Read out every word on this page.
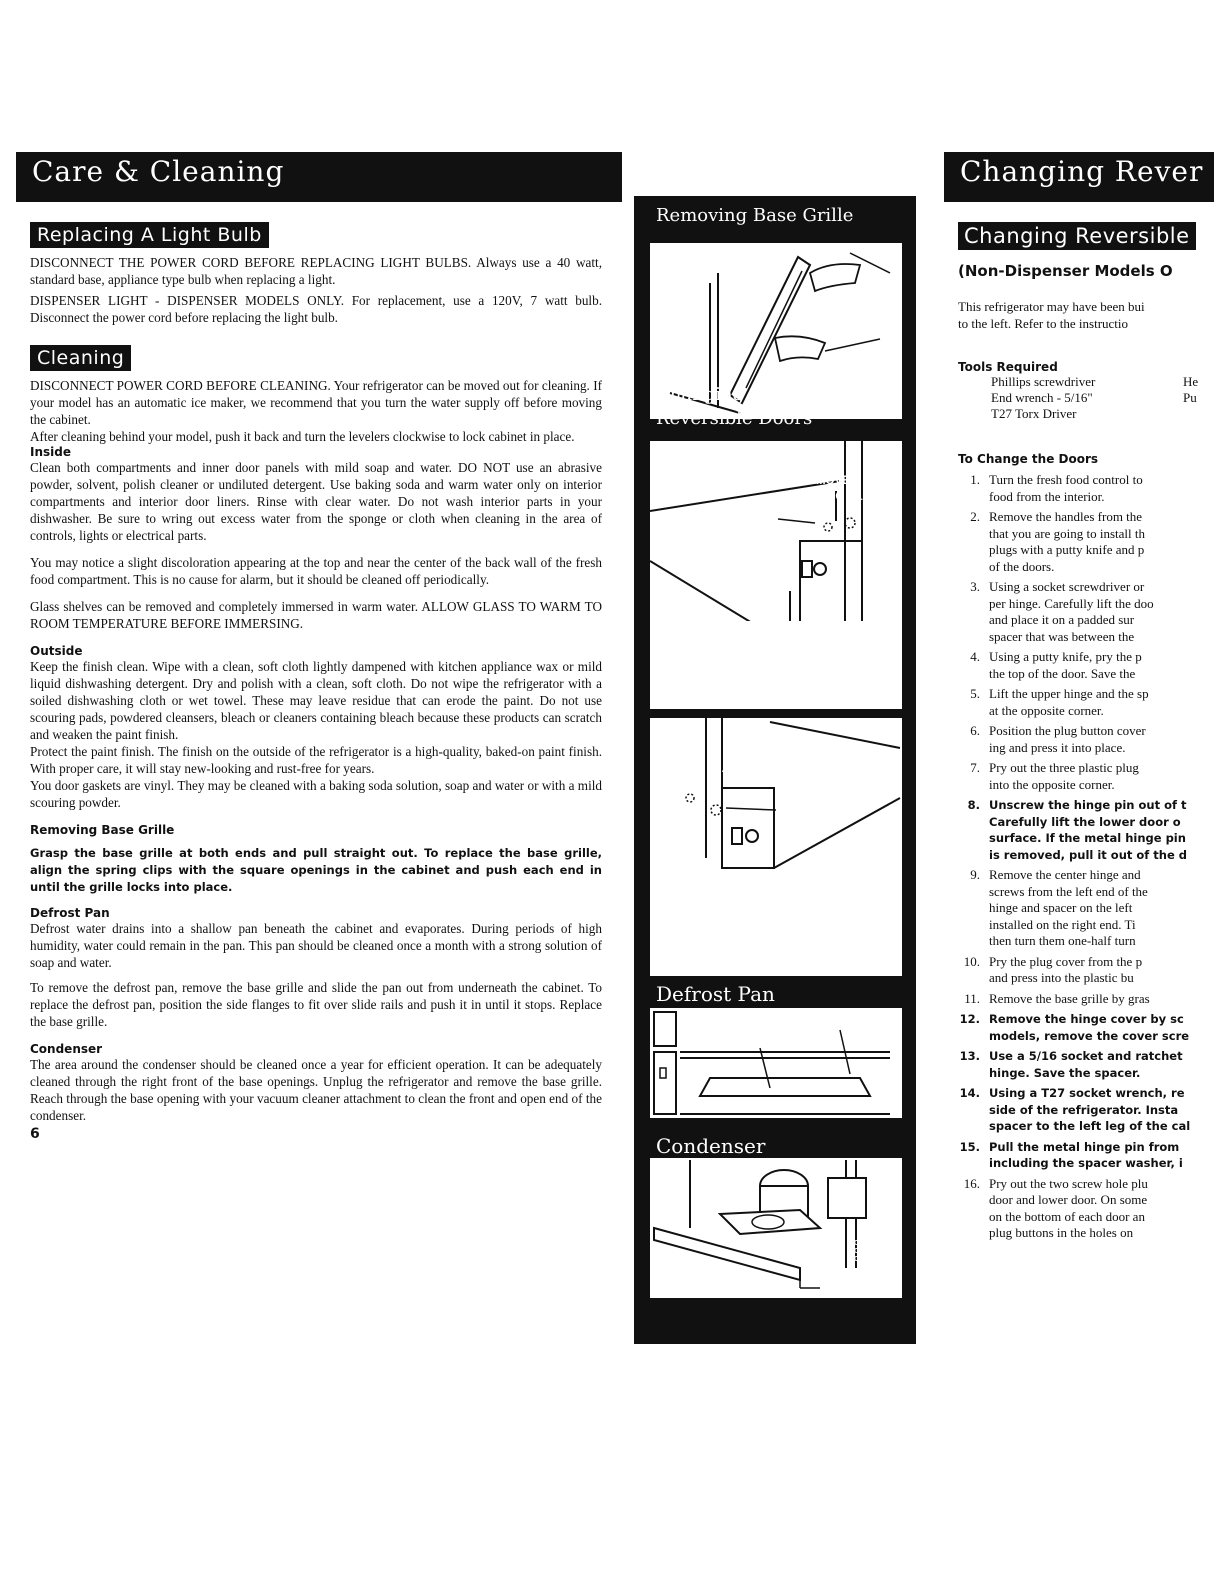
Care & Cleaning	Changing Rever
Replacing A Light Bulb

DISCONNECT THE POWER CORD BEFORE REPLACING LIGHT BULBS. Always use a 40 watt, standard base, appliance type bulb when replacing a light.

DISPENSER LIGHT - DISPENSER MODELS ONLY. For replacement, use a 120V, 7 watt bulb. Disconnect the power cord before replacing the light bulb.

Cleaning

DISCONNECT POWER CORD BEFORE CLEANING. Your refrigerator can be moved out for cleaning. If your model has an automatic ice maker, we recommend that you turn the water supply off before moving the cabinet.

After cleaning behind your model, push it back and turn the levelers clockwise to lock cabinet in place.

Inside

Clean both compartments and inner door panels with mild soap and water. DO NOT use an abrasive powder, solvent, polish cleaner or undiluted detergent. Use baking soda and warm water only on interior compartments and interior door liners. Rinse with clear water. Do not wash interior parts in your dishwasher. Be sure to wring out excess water from the sponge or cloth when cleaning in the area of controls, lights or electrical parts.

You may notice a slight discoloration appearing at the top and near the center of the back wall of the fresh food compartment. This is no cause for alarm, but it should be cleaned off periodically.

Glass shelves can be removed and completely immersed in warm water. ALLOW GLASS TO WARM TO ROOM TEMPERATURE BEFORE IMMERSING.

Outside

Keep the finish clean. Wipe with a clean, soft cloth lightly dampened with kitchen appliance wax or mild liquid dishwashing detergent. Dry and polish with a clean, soft cloth. Do not wipe the refrigerator with a soiled dishwashing cloth or wet towel. These may leave residue that can erode the paint. Do not use scouring pads, powdered cleansers, bleach or cleaners containing bleach because these products can scratch and weaken the paint finish.

Protect the paint finish. The finish on the outside of the refrigerator is a high-quality, baked-on paint finish. With proper care, it will stay new-looking and rust-free for years.

You door gaskets are vinyl. They may be cleaned with a baking soda solution, soap and water or with a mild scouring powder.

Removing Base Grille

Grasp the base grille at both ends and pull straight out. To replace the base grille, align the spring clips with the square openings in the cabinet and push each end in until the grille locks into place.

Defrost Pan

Defrost water drains into a shallow pan beneath the cabinet and evaporates. During periods of high humidity, water could remain in the pan. This pan should be cleaned once a month with a strong solution of soap and water.

To remove the defrost pan, remove the base grille and slide the pan out from underneath the cabinet. To replace the defrost pan, position the side flanges to fit over slide rails and push it in until it stops. Replace the base grille.

Condenser

The area around the condenser should be cleaned once a year for efficient operation. It can be adequately cleaned through the right front of the base openings. Unplug the refrigerator and remove the base grille. Reach through the base opening with your vacuum cleaner attachment to clean the front and open end of the condenser.

6

Removing Base Grille
Changing
Reversible Doors
REMOVE
TAPPING PLATE
REMOVE
SCREW
HINGE SIDE
REMOVE TAPPING PLATE
INSTALL
TAPPING PLATE
INSTALL
SCREW
OPPOSITE SIDE
INSTALL TAPPING PLATE
Defrost Pan
SUPPORT RAILS
DEFROST PAN
Condenser
DEFROST PAN
OPEN END OF CONDENSER
BASE GRILLE
Changing Reversible
(Non-Dispenser Models O
This refrigerator may have been bui
to the left. Refer to the instructio
Tools Required
Phillips screwdriver	He
End wrench - 5/16"	Pu
T27 Torx Driver
To Change the Doors
1. Turn the fresh food control to
food from the interior.
2. Remove the handles from the
that you are going to install th
plugs with a putty knife and p
of the doors.
3. Using a socket screwdriver or
per hinge. Carefully lift the doo
and place it on a padded sur
spacer that was between the
4. Using a putty knife, pry the p
the top of the door. Save the
5. Lift the upper hinge and the sp
at the opposite corner.
6. Position the plug button cover
ing and press it into place.
7. Pry out the three plastic plug
into the opposite corner.
8. Unscrew the hinge pin out of t
Carefully lift the lower door o
surface. If the metal hinge pin
is removed, pull it out of the d
9. Remove the center hinge and
screws from the left end of the
hinge and spacer on the left
installed on the right end. Ti
then turn them one-half turn
10. Pry the plug cover from the p
and press into the plastic bu
11. Remove the base grille by gras
12. Remove the hinge cover by sc
models, remove the cover scre
13. Use a 5/16 socket and ratchet
hinge. Save the spacer.
14. Using a T27 socket wrench, re
side of the refrigerator. Insta
spacer to the left leg of the cal
15. Pull the metal hinge pin from
including the spacer washer, i
16. Pry out the two screw hole plu
door and lower door. On some
on the bottom of each door an
plug buttons in the holes on
